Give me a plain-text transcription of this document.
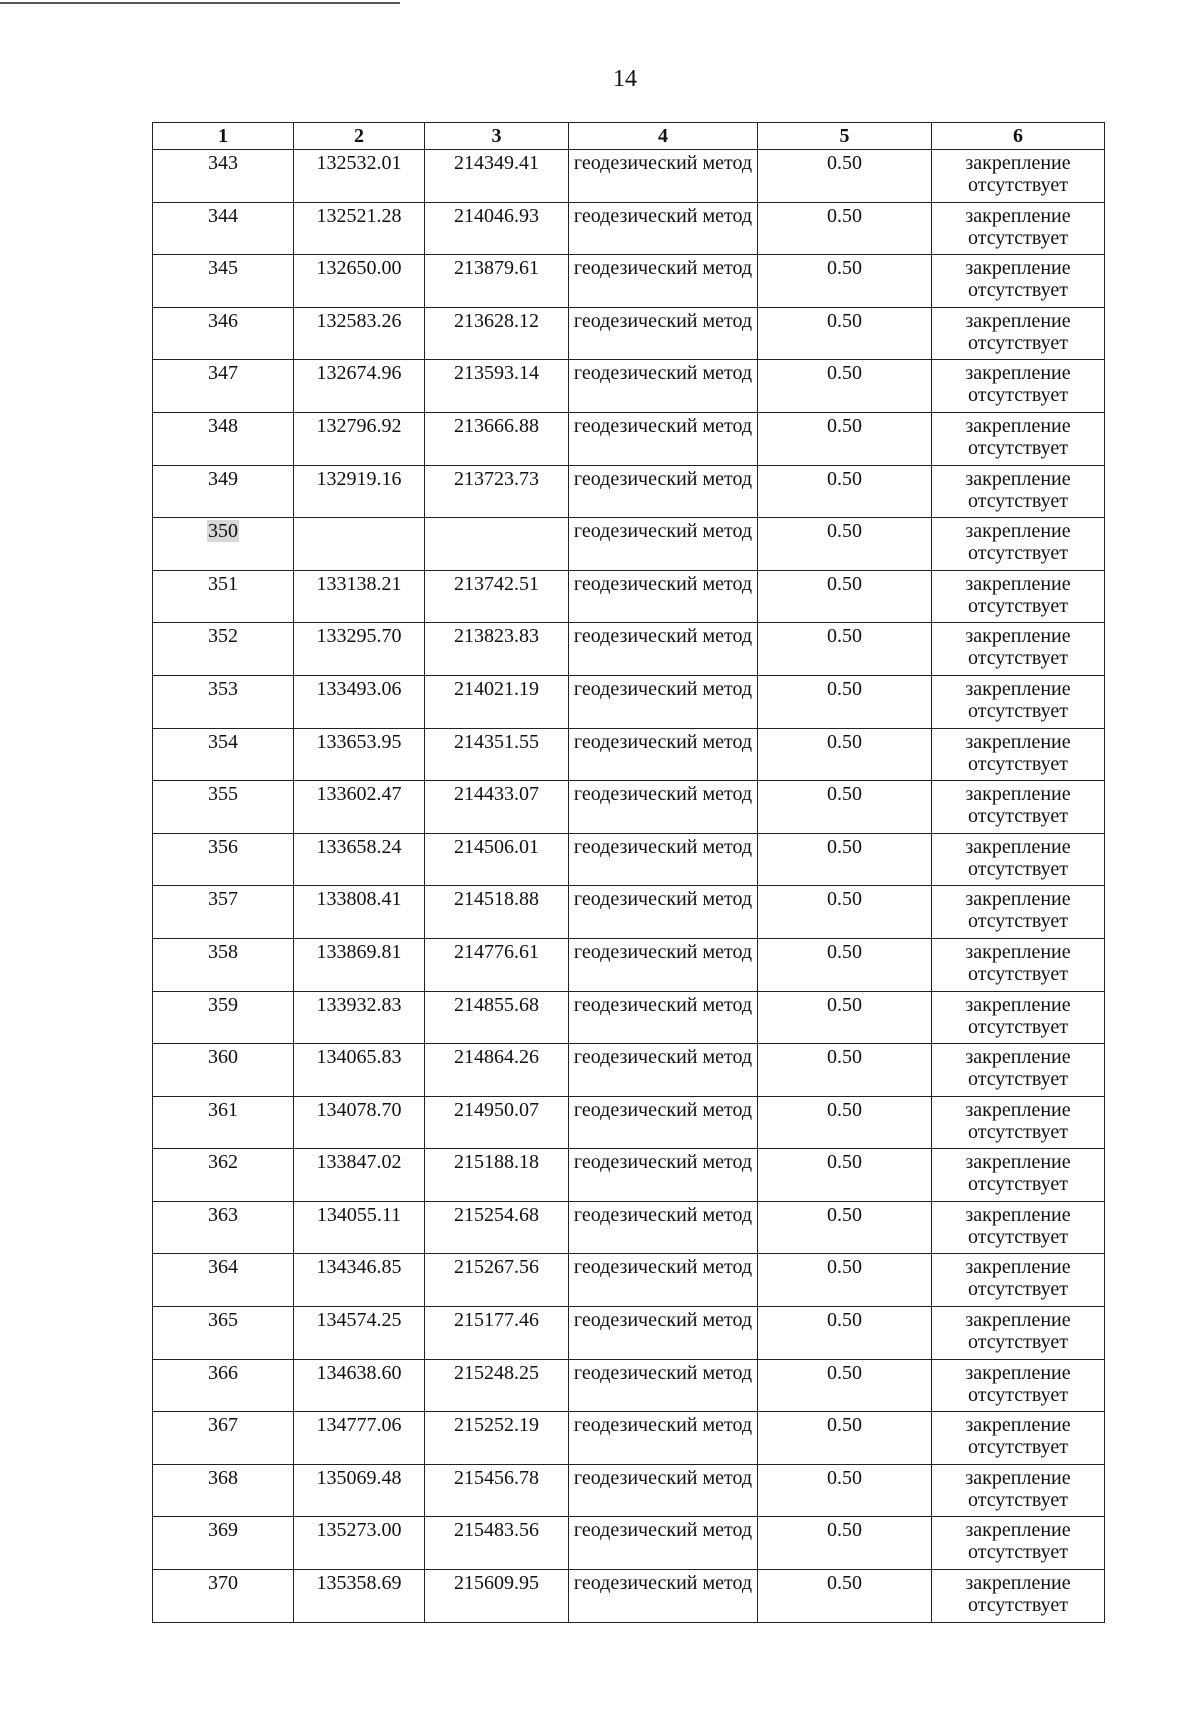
14
1	2	3	4	5	6
343	132532.01	214349.41	геодезический метод	0.50	закрепление отсутствует
344	132521.28	214046.93	геодезический метод	0.50	закрепление отсутствует
345	132650.00	213879.61	геодезический метод	0.50	закрепление отсутствует
346	132583.26	213628.12	геодезический метод	0.50	закрепление отсутствует
347	132674.96	213593.14	геодезический метод	0.50	закрепление отсутствует
348	132796.92	213666.88	геодезический метод	0.50	закрепление отсутствует
349	132919.16	213723.73	геодезический метод	0.50	закрепление отсутствует
350			геодезический метод	0.50	закрепление отсутствует
351	133138.21	213742.51	геодезический метод	0.50	закрепление отсутствует
352	133295.70	213823.83	геодезический метод	0.50	закрепление отсутствует
353	133493.06	214021.19	геодезический метод	0.50	закрепление отсутствует
354	133653.95	214351.55	геодезический метод	0.50	закрепление отсутствует
355	133602.47	214433.07	геодезический метод	0.50	закрепление отсутствует
356	133658.24	214506.01	геодезический метод	0.50	закрепление отсутствует
357	133808.41	214518.88	геодезический метод	0.50	закрепление отсутствует
358	133869.81	214776.61	геодезический метод	0.50	закрепление отсутствует
359	133932.83	214855.68	геодезический метод	0.50	закрепление отсутствует
360	134065.83	214864.26	геодезический метод	0.50	закрепление отсутствует
361	134078.70	214950.07	геодезический метод	0.50	закрепление отсутствует
362	133847.02	215188.18	геодезический метод	0.50	закрепление отсутствует
363	134055.11	215254.68	геодезический метод	0.50	закрепление отсутствует
364	134346.85	215267.56	геодезический метод	0.50	закрепление отсутствует
365	134574.25	215177.46	геодезический метод	0.50	закрепление отсутствует
366	134638.60	215248.25	геодезический метод	0.50	закрепление отсутствует
367	134777.06	215252.19	геодезический метод	0.50	закрепление отсутствует
368	135069.48	215456.78	геодезический метод	0.50	закрепление отсутствует
369	135273.00	215483.56	геодезический метод	0.50	закрепление отсутствует
370	135358.69	215609.95	геодезический метод	0.50	закрепление отсутствует
